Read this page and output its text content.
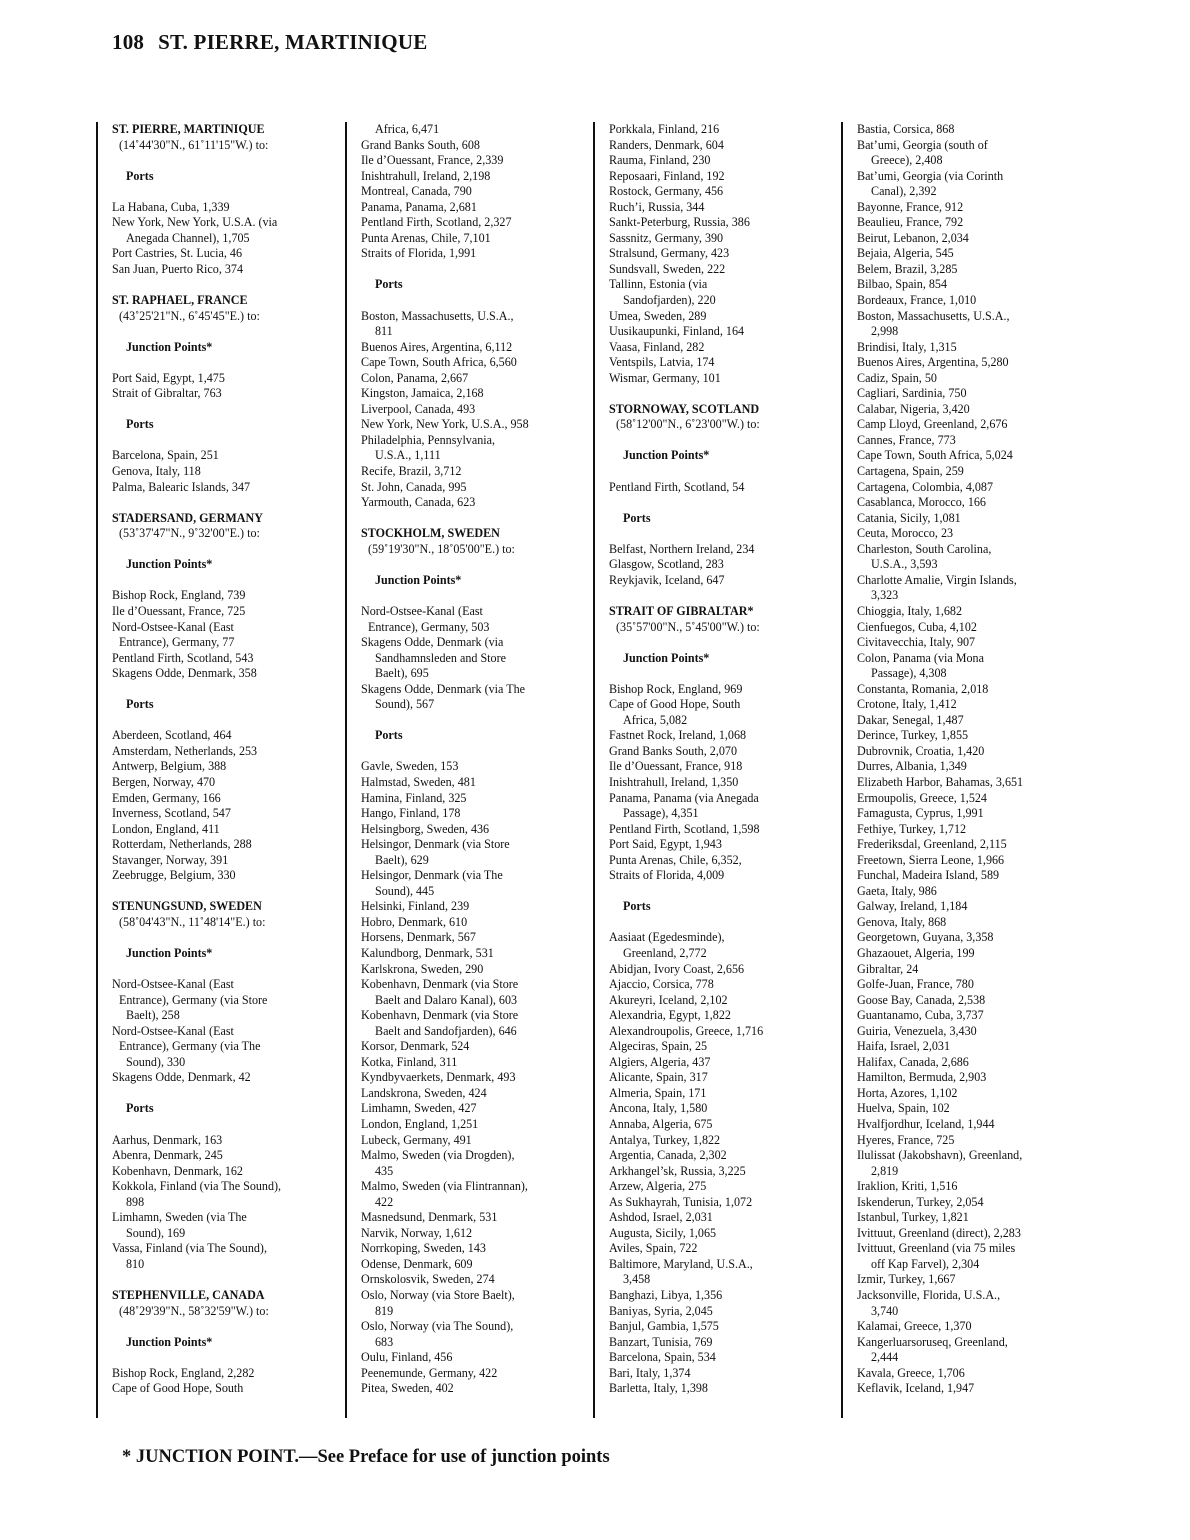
108 ST. PIERRE, MARTINIQUE
ST. PIERRE, MARTINIQUE
(14˚44'30"N., 61˚11'15"W.) to:
Ports
La Habana, Cuba, 1,339
New York, New York, U.S.A. (via
Anegada Channel), 1,705
Port Castries, St. Lucia, 46
San Juan, Puerto Rico, 374
ST. RAPHAEL, FRANCE
(43˚25'21"N., 6˚45'45"E.) to:
Junction Points*
Port Said, Egypt, 1,475
Strait of Gibraltar, 763
Ports
Barcelona, Spain, 251
Genova, Italy, 118
Palma, Balearic Islands, 347
STADERSAND, GERMANY
(53˚37'47"N., 9˚32'00"E.) to:
Junction Points*
Bishop Rock, England, 739
Ile d’Ouessant, France, 725
Nord-Ostsee-Kanal (East
Entrance), Germany, 77
Pentland Firth, Scotland, 543
Skagens Odde, Denmark, 358
Ports
Aberdeen, Scotland, 464
Amsterdam, Netherlands, 253
Antwerp, Belgium, 388
Bergen, Norway, 470
Emden, Germany, 166
Inverness, Scotland, 547
London, England, 411
Rotterdam, Netherlands, 288
Stavanger, Norway, 391
Zeebrugge, Belgium, 330
STENUNGSUND, SWEDEN
(58˚04'43"N., 11˚48'14"E.) to:
Junction Points*
Nord-Ostsee-Kanal (East
Entrance), Germany (via Store
Baelt), 258
Nord-Ostsee-Kanal (East
Entrance), Germany (via The
Sound), 330
Skagens Odde, Denmark, 42
Ports
Aarhus, Denmark, 163
Abenra, Denmark, 245
Kobenhavn, Denmark, 162
Kokkola, Finland (via The Sound),
898
Limhamn, Sweden (via The
Sound), 169
Vassa, Finland (via The Sound),
810
STEPHENVILLE, CANADA
(48˚29'39"N., 58˚32'59"W.) to:
Junction Points*
Bishop Rock, England, 2,282
Cape of Good Hope, South
Africa, 6,471
Grand Banks South, 608
Ile d’Ouessant, France, 2,339
Inishtrahull, Ireland, 2,198
Montreal, Canada, 790
Panama, Panama, 2,681
Pentland Firth, Scotland, 2,327
Punta Arenas, Chile, 7,101
Straits of Florida, 1,991
Ports
Boston, Massachusetts, U.S.A.,
811
Buenos Aires, Argentina, 6,112
Cape Town, South Africa, 6,560
Colon, Panama, 2,667
Kingston, Jamaica, 2,168
Liverpool, Canada, 493
New York, New York, U.S.A., 958
Philadelphia, Pennsylvania,
U.S.A., 1,111
Recife, Brazil, 3,712
St. John, Canada, 995
Yarmouth, Canada, 623
STOCKHOLM, SWEDEN
(59˚19'30"N., 18˚05'00"E.) to:
Junction Points*
Nord-Ostsee-Kanal (East
Entrance), Germany, 503
Skagens Odde, Denmark (via
Sandhamnsleden and Store
Baelt), 695
Skagens Odde, Denmark (via The
Sound), 567
Ports
Gavle, Sweden, 153
Halmstad, Sweden, 481
Hamina, Finland, 325
Hango, Finland, 178
Helsingborg, Sweden, 436
Helsingor, Denmark (via Store
Baelt), 629
Helsingor, Denmark (via The
Sound), 445
Helsinki, Finland, 239
Hobro, Denmark, 610
Horsens, Denmark, 567
Kalundborg, Denmark, 531
Karlskrona, Sweden, 290
Kobenhavn, Denmark (via Store
Baelt and Dalaro Kanal), 603
Kobenhavn, Denmark (via Store
Baelt and Sandofjarden), 646
Korsor, Denmark, 524
Kotka, Finland, 311
Kyndbyvaerkets, Denmark, 493
Landskrona, Sweden, 424
Limhamn, Sweden, 427
London, England, 1,251
Lubeck, Germany, 491
Malmo, Sweden (via Drogden),
435
Malmo, Sweden (via Flintrannan),
422
Masnedsund, Denmark, 531
Narvik, Norway, 1,612
Norrkoping, Sweden, 143
Odense, Denmark, 609
Ornskolosvik, Sweden, 274
Oslo, Norway (via Store Baelt),
819
Oslo, Norway (via The Sound),
683
Oulu, Finland, 456
Peenemunde, Germany, 422
Pitea, Sweden, 402
Porkkala, Finland, 216
Randers, Denmark, 604
Rauma, Finland, 230
Reposaari, Finland, 192
Rostock, Germany, 456
Ruch’i, Russia, 344
Sankt-Peterburg, Russia, 386
Sassnitz, Germany, 390
Stralsund, Germany, 423
Sundsvall, Sweden, 222
Tallinn, Estonia (via
Sandofjarden), 220
Umea, Sweden, 289
Uusikaupunki, Finland, 164
Vaasa, Finland, 282
Ventspils, Latvia, 174
Wismar, Germany, 101
STORNOWAY, SCOTLAND
(58˚12'00"N., 6˚23'00"W.) to:
Junction Points*
Pentland Firth, Scotland, 54
Ports
Belfast, Northern Ireland, 234
Glasgow, Scotland, 283
Reykjavik, Iceland, 647
STRAIT OF GIBRALTAR*
(35˚57'00"N., 5˚45'00"W.) to:
Junction Points*
Bishop Rock, England, 969
Cape of Good Hope, South
Africa, 5,082
Fastnet Rock, Ireland, 1,068
Grand Banks South, 2,070
Ile d’Ouessant, France, 918
Inishtrahull, Ireland, 1,350
Panama, Panama (via Anegada
Passage), 4,351
Pentland Firth, Scotland, 1,598
Port Said, Egypt, 1,943
Punta Arenas, Chile, 6,352,
Straits of Florida, 4,009
Ports
Aasiaat (Egedesminde),
Greenland, 2,772
Abidjan, Ivory Coast, 2,656
Ajaccio, Corsica, 778
Akureyri, Iceland, 2,102
Alexandria, Egypt, 1,822
Alexandroupolis, Greece, 1,716
Algeciras, Spain, 25
Algiers, Algeria, 437
Alicante, Spain, 317
Almeria, Spain, 171
Ancona, Italy, 1,580
Annaba, Algeria, 675
Antalya, Turkey, 1,822
Argentia, Canada, 2,302
Arkhangel’sk, Russia, 3,225
Arzew, Algeria, 275
As Sukhayrah, Tunisia, 1,072
Ashdod, Israel, 2,031
Augusta, Sicily, 1,065
Aviles, Spain, 722
Baltimore, Maryland, U.S.A.,
3,458
Banghazi, Libya, 1,356
Baniyas, Syria, 2,045
Banjul, Gambia, 1,575
Banzart, Tunisia, 769
Barcelona, Spain, 534
Bari, Italy, 1,374
Barletta, Italy, 1,398
Bastia, Corsica, 868
Bat’umi, Georgia (south of
Greece), 2,408
Bat’umi, Georgia (via Corinth
Canal), 2,392
Bayonne, France, 912
Beaulieu, France, 792
Beirut, Lebanon, 2,034
Bejaia, Algeria, 545
Belem, Brazil, 3,285
Bilbao, Spain, 854
Bordeaux, France, 1,010
Boston, Massachusetts, U.S.A.,
2,998
Brindisi, Italy, 1,315
Buenos Aires, Argentina, 5,280
Cadiz, Spain, 50
Cagliari, Sardinia, 750
Calabar, Nigeria, 3,420
Camp Lloyd, Greenland, 2,676
Cannes, France, 773
Cape Town, South Africa, 5,024
Cartagena, Spain, 259
Cartagena, Colombia, 4,087
Casablanca, Morocco, 166
Catania, Sicily, 1,081
Ceuta, Morocco, 23
Charleston, South Carolina,
U.S.A., 3,593
Charlotte Amalie, Virgin Islands,
3,323
Chioggia, Italy, 1,682
Cienfuegos, Cuba, 4,102
Civitavecchia, Italy, 907
Colon, Panama (via Mona
Passage), 4,308
Constanta, Romania, 2,018
Crotone, Italy, 1,412
Dakar, Senegal, 1,487
Derince, Turkey, 1,855
Dubrovnik, Croatia, 1,420
Durres, Albania, 1,349
Elizabeth Harbor, Bahamas, 3,651
Ermoupolis, Greece, 1,524
Famagusta, Cyprus, 1,991
Fethiye, Turkey, 1,712
Frederiksdal, Greenland, 2,115
Freetown, Sierra Leone, 1,966
Funchal, Madeira Island, 589
Gaeta, Italy, 986
Galway, Ireland, 1,184
Genova, Italy, 868
Georgetown, Guyana, 3,358
Ghazaouet, Algeria, 199
Gibraltar, 24
Golfe-Juan, France, 780
Goose Bay, Canada, 2,538
Guantanamo, Cuba, 3,737
Guiria, Venezuela, 3,430
Haifa, Israel, 2,031
Halifax, Canada, 2,686
Hamilton, Bermuda, 2,903
Horta, Azores, 1,102
Huelva, Spain, 102
Hvalfjordhur, Iceland, 1,944
Hyeres, France, 725
Ilulissat (Jakobshavn), Greenland,
2,819
Iraklion, Kriti, 1,516
Iskenderun, Turkey, 2,054
Istanbul, Turkey, 1,821
Ivittuut, Greenland (direct), 2,283
Ivittuut, Greenland (via 75 miles
off Kap Farvel), 2,304
Izmir, Turkey, 1,667
Jacksonville, Florida, U.S.A.,
3,740
Kalamai, Greece, 1,370
Kangerluarsoruseq, Greenland,
2,444
Kavala, Greece, 1,706
Keflavik, Iceland, 1,947
* JUNCTION POINT.—See Preface for use of junction points
